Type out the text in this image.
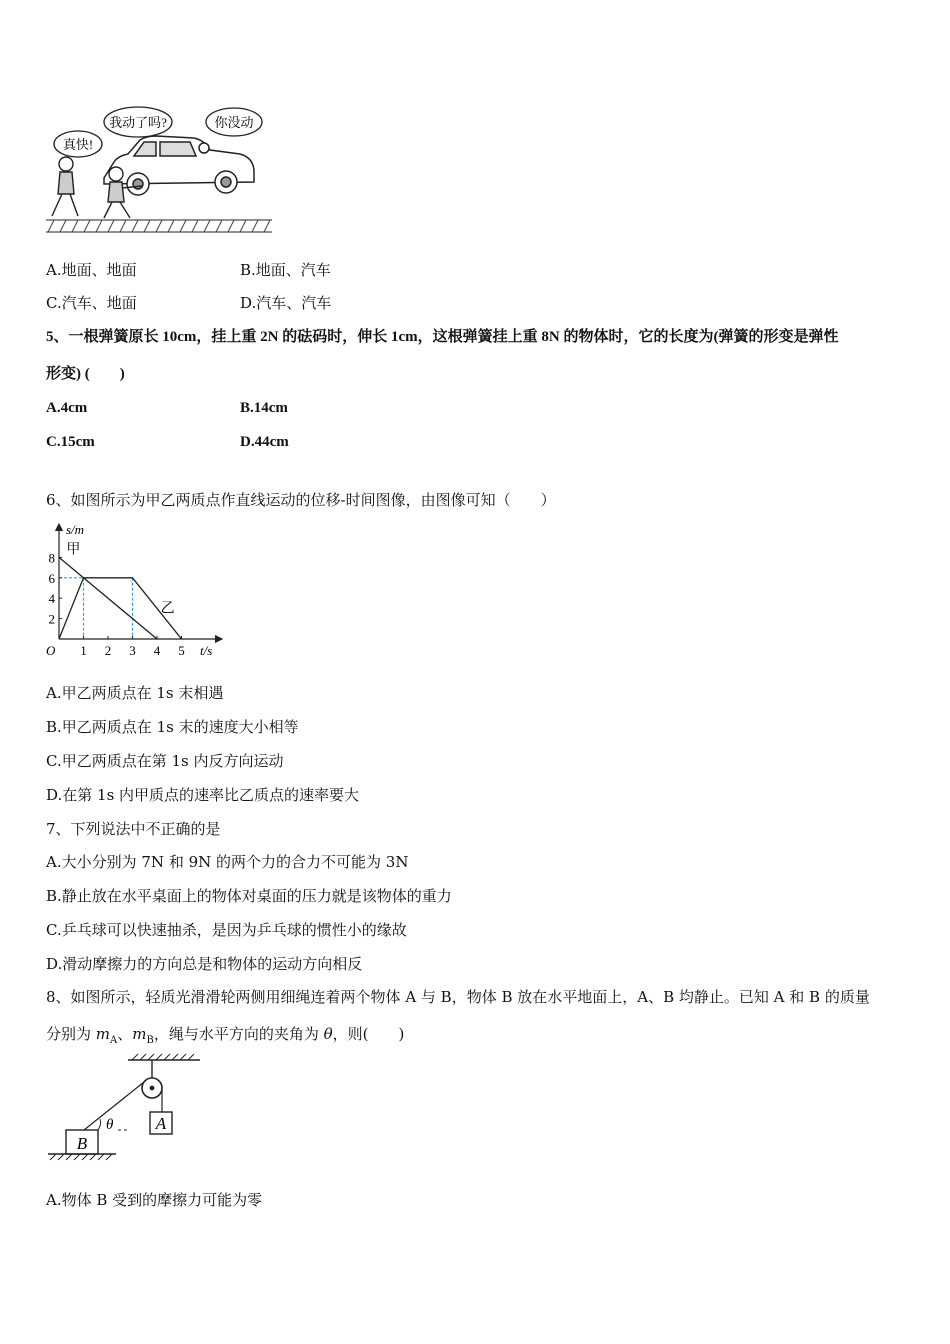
真快!
我动了吗?	你没动
A.地面、地面	B.地面、汽车
C.汽车、地面	D.汽车、汽车
5、一根弹簧原长 10cm，挂上重 2N 的砝码时，伸长 1cm，这根弹簧挂上重 8N 的物体时，它的长度为(弹簧的形变是弹性
形变) (　　)
A.4cm	B.14cm
C.15cm	D.44cm
6、如图所示为甲乙两质点作直线运动的位移-时间图像，由图像可知（　　）
s/m
t/s
O 1 2 3 4 5
2
4
6
8
甲
乙
A.甲乙两质点在 1s 末相遇
B.甲乙两质点在 1s 末的速度大小相等
C.甲乙两质点在第 1s 内反方向运动
D.在第 1s 内甲质点的速率比乙质点的速率要大
7、下列说法中不正确的是
A.大小分别为 7N 和 9N 的两个力的合力不可能为 3N
B.静止放在水平桌面上的物体对桌面的压力就是该物体的重力
C.乒乓球可以快速抽杀，是因为乒乓球的惯性小的缘故
D.滑动摩擦力的方向总是和物体的运动方向相反
8、如图所示，轻质光滑滑轮两侧用细绳连着两个物体 A 与 B，物体 B 放在水平地面上，A、B 均静止。已知 A 和 B 的质量
分别为 $m_A$、$m_B$，绳与水平方向的夹角为 θ，则(　　)
A
B
θ
A.物体 B 受到的摩擦力可能为零
